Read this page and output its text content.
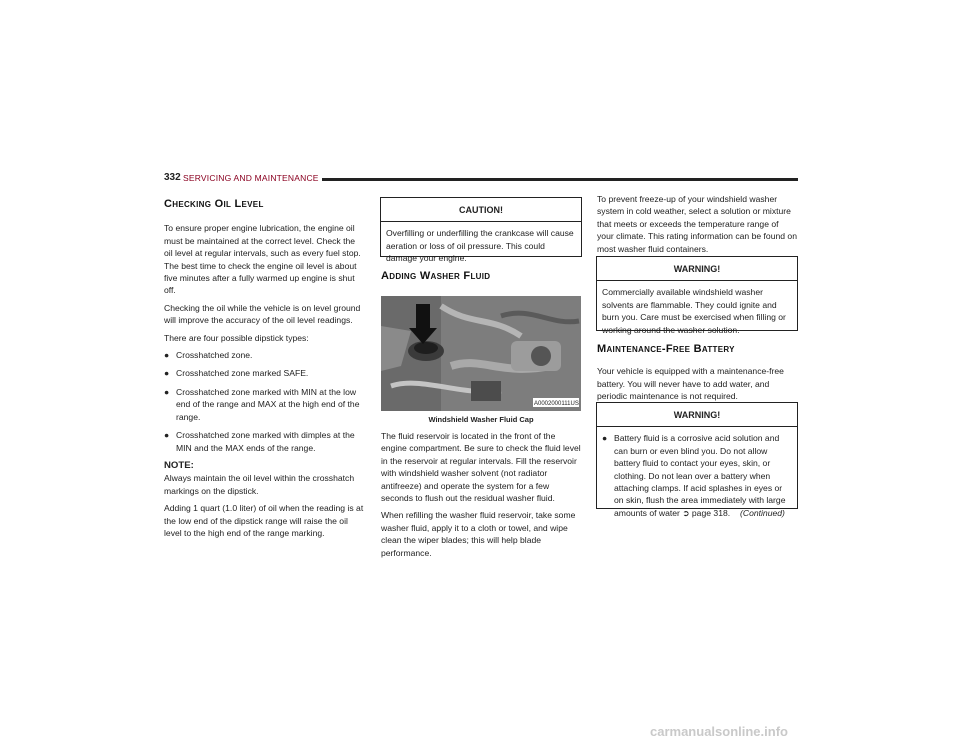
332 SERVICING AND MAINTENANCE
Checking Oil Level

To ensure proper engine lubrication, the engine oil must be maintained at the correct level. Check the oil level at regular intervals, such as every fuel stop. The best time to check the engine oil level is about five minutes after a fully warmed up engine is shut off.

Checking the oil while the vehicle is on level ground will improve the accuracy of the oil level readings.

There are four possible dipstick types:

● Crosshatched zone.
● Crosshatched zone marked SAFE.
● Crosshatched zone marked with MIN at the low end of the range and MAX at the high end of the range.
● Crosshatched zone marked with dimples at the MIN and the MAX ends of the range.
NOTE:

Always maintain the oil level within the crosshatch markings on the dipstick.

Adding 1 quart (1.0 liter) of oil when the reading is at the low end of the dipstick range will raise the oil level to the high end of the range marking.

CAUTION!
Overfilling or underfilling the crankcase will cause aeration or loss of oil pressure. This could damage your engine.
Adding Washer Fluid
A0002000111US
Windshield Washer Fluid Cap

The fluid reservoir is located in the front of the engine compartment. Be sure to check the fluid level in the reservoir at regular intervals. Fill the reservoir with windshield washer solvent (not radiator antifreeze) and operate the system for a few seconds to flush out the residual washer fluid.

When refilling the washer fluid reservoir, take some washer fluid, apply it to a cloth or towel, and wipe clean the wiper blades; this will help blade performance.

To prevent freeze-up of your windshield washer system in cold weather, select a solution or mixture that meets or exceeds the temperature range of your climate. This rating information can be found on most washer fluid containers.

WARNING!
Commercially available windshield washer solvents are flammable. They could ignite and burn you. Care must be exercised when filling or working around the washer solution.
Maintenance-Free Battery

Your vehicle is equipped with a maintenance-free battery. You will never have to add water, and periodic maintenance is not required.

WARNING!
● Battery fluid is a corrosive acid solution and can burn or even blind you. Do not allow battery fluid to contact your eyes, skin, or clothing. Do not lean over a battery when attaching clamps. If acid splashes in eyes or on skin, flush the area immediately with large amounts of water ➲ page 318.	(Continued)
carmanualsonline.info
